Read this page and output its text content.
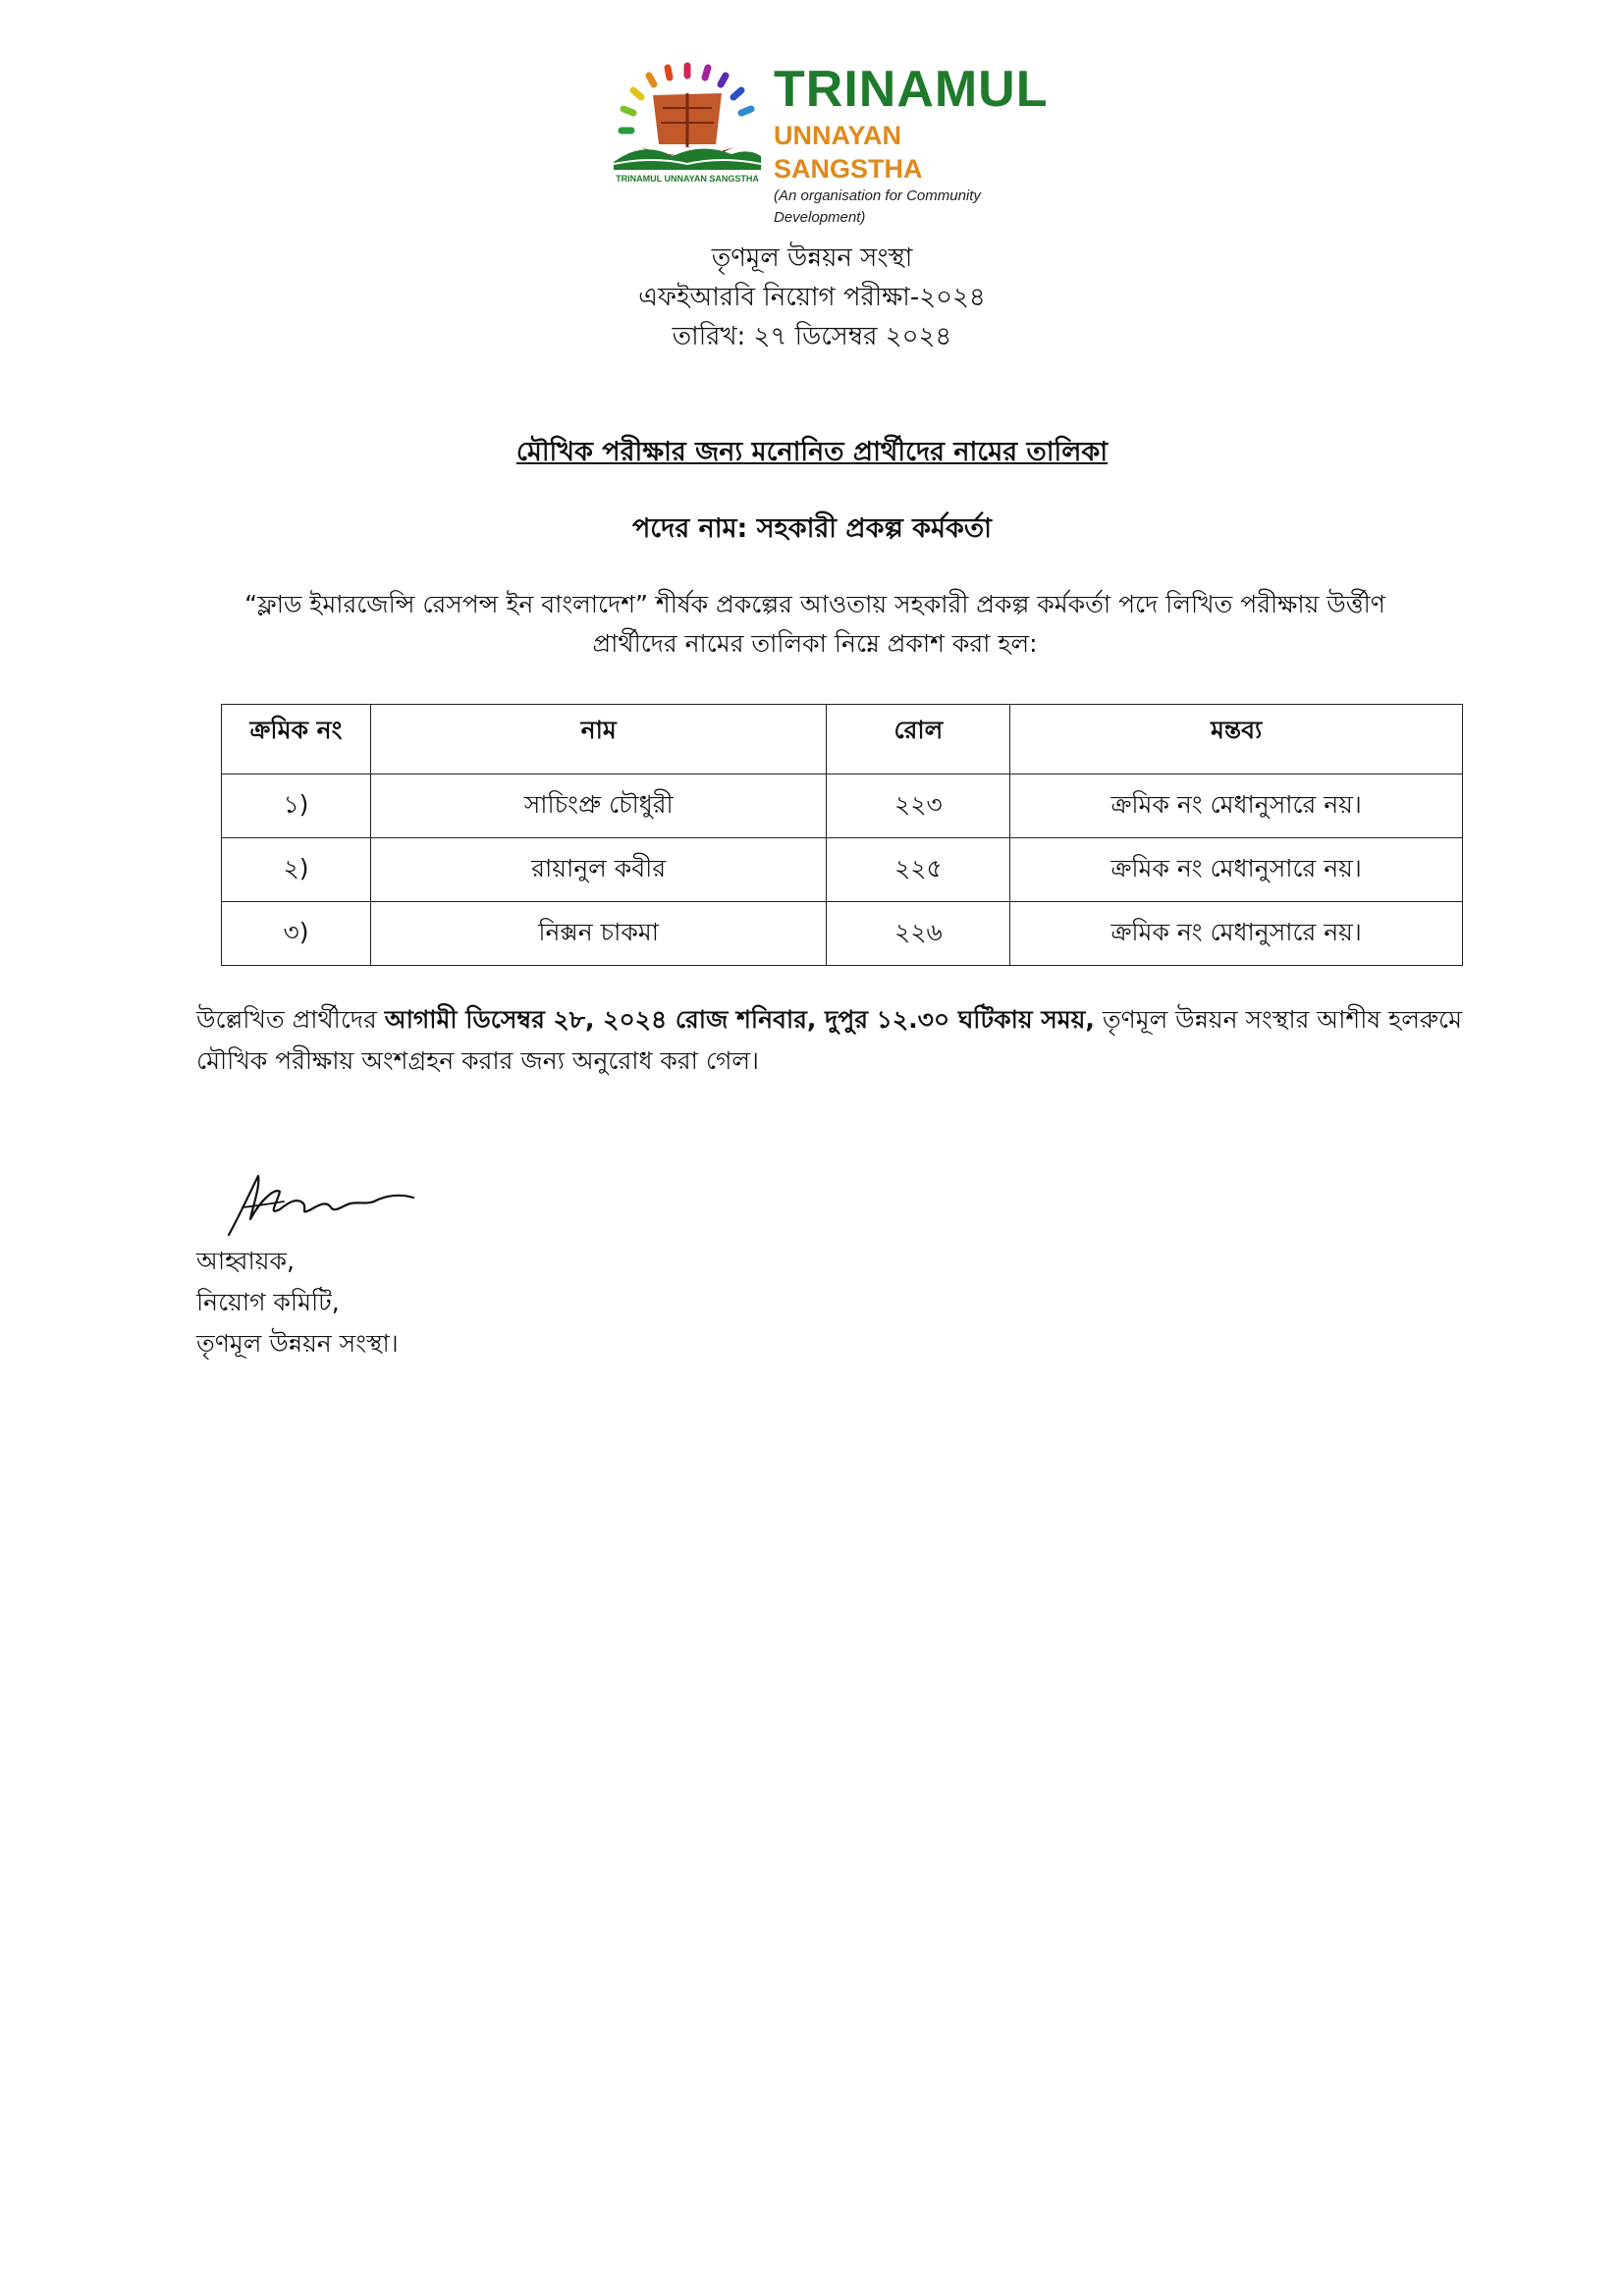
TRINAMUL UNNAYAN SANGSTHA
TRINAMUL
UNNAYAN SANGSTHA
(An organisation for Community Development)
তৃণমূল উন্নয়ন সংস্থা
এফইআরবি নিয়োগ পরীক্ষা-২০২৪
তারিখ: ২৭ ডিসেম্বর ২০২৪
মৌখিক পরীক্ষার জন্য মনোনিত প্রার্থীদের নামের তালিকা
পদের নাম: সহকারী প্রকল্প কর্মকর্তা
“ফ্লাড ইমারজেন্সি রেসপন্স ইন বাংলাদেশ” শীর্ষক প্রকল্পের আওতায় সহকারী প্রকল্প কর্মকর্তা পদে লিখিত পরীক্ষায় উর্ত্তীণ প্রার্থীদের নামের তালিকা নিম্নে প্রকাশ করা হল:
ক্রমিক নং	নাম	রোল	মন্তব্য
১)	সাচিংপ্রু চৌধুরী	২২৩	ক্রমিক নং মেধানুসারে নয়।
২)	রায়ানুল কবীর	২২৫	ক্রমিক নং মেধানুসারে নয়।
৩)	নিক্সন চাকমা	২২৬	ক্রমিক নং মেধানুসারে নয়।
উল্লেখিত প্রার্থীদের আগামী ডিসেম্বর ২৮, ২০২৪ রোজ শনিবার, দুপুর ১২.৩০ ঘটিকায় সময়, তৃণমূল উন্নয়ন সংস্থার আশীষ হলরুমে মৌখিক পরীক্ষায় অংশগ্রহন করার জন্য অনুরোধ করা গেল।
আহ্বায়ক,
নিয়োগ কমিটি,
তৃণমূল উন্নয়ন সংস্থা।
